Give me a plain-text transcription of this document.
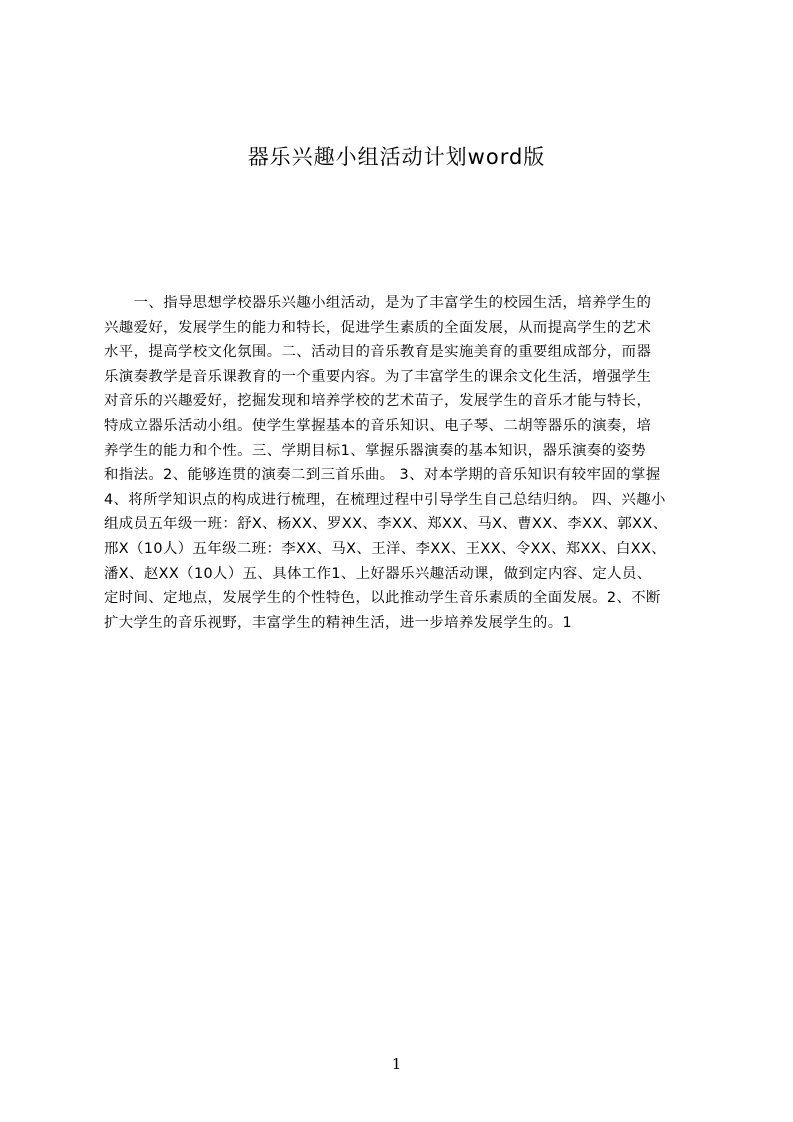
器乐兴趣小组活动计划word版
　　一、指导思想学校器乐兴趣小组活动，是为了丰富学生的校园生活，培养学生的
兴趣爱好，发展学生的能力和特长，促进学生素质的全面发展，从而提高学生的艺术
水平，提高学校文化氛围。二、活动目的音乐教育是实施美育的重要组成部分，而器
乐演奏教学是音乐课教育的一个重要内容。为了丰富学生的课余文化生活，增强学生
对音乐的兴趣爱好，挖掘发现和培养学校的艺术苗子，发展学生的音乐才能与特长，
特成立器乐活动小组。使学生掌握基本的音乐知识、电子琴、二胡等器乐的演奏，培
养学生的能力和个性。三、学期目标1、掌握乐器演奏的基本知识，器乐演奏的姿势
和指法。2、能够连贯的演奏二到三首乐曲。 3、对本学期的音乐知识有较牢固的掌握
4、将所学知识点的构成进行梳理，在梳理过程中引导学生自己总结归纳。 四、兴趣小
组成员五年级一班：舒X、杨XX、罗XX、李XX、郑XX、马X、曹XX、李XX、郭XX、
邢X（10人）五年级二班：李XX、马X、王洋、李XX、王XX、令XX、郑XX、白XX、
潘X、赵XX（10人）五、具体工作1、上好器乐兴趣活动课，做到定内容、定人员、
定时间、定地点，发展学生的个性特色，以此推动学生音乐素质的全面发展。2、不断
扩大学生的音乐视野，丰富学生的精神生活，进一步培养发展学生的。1
1
